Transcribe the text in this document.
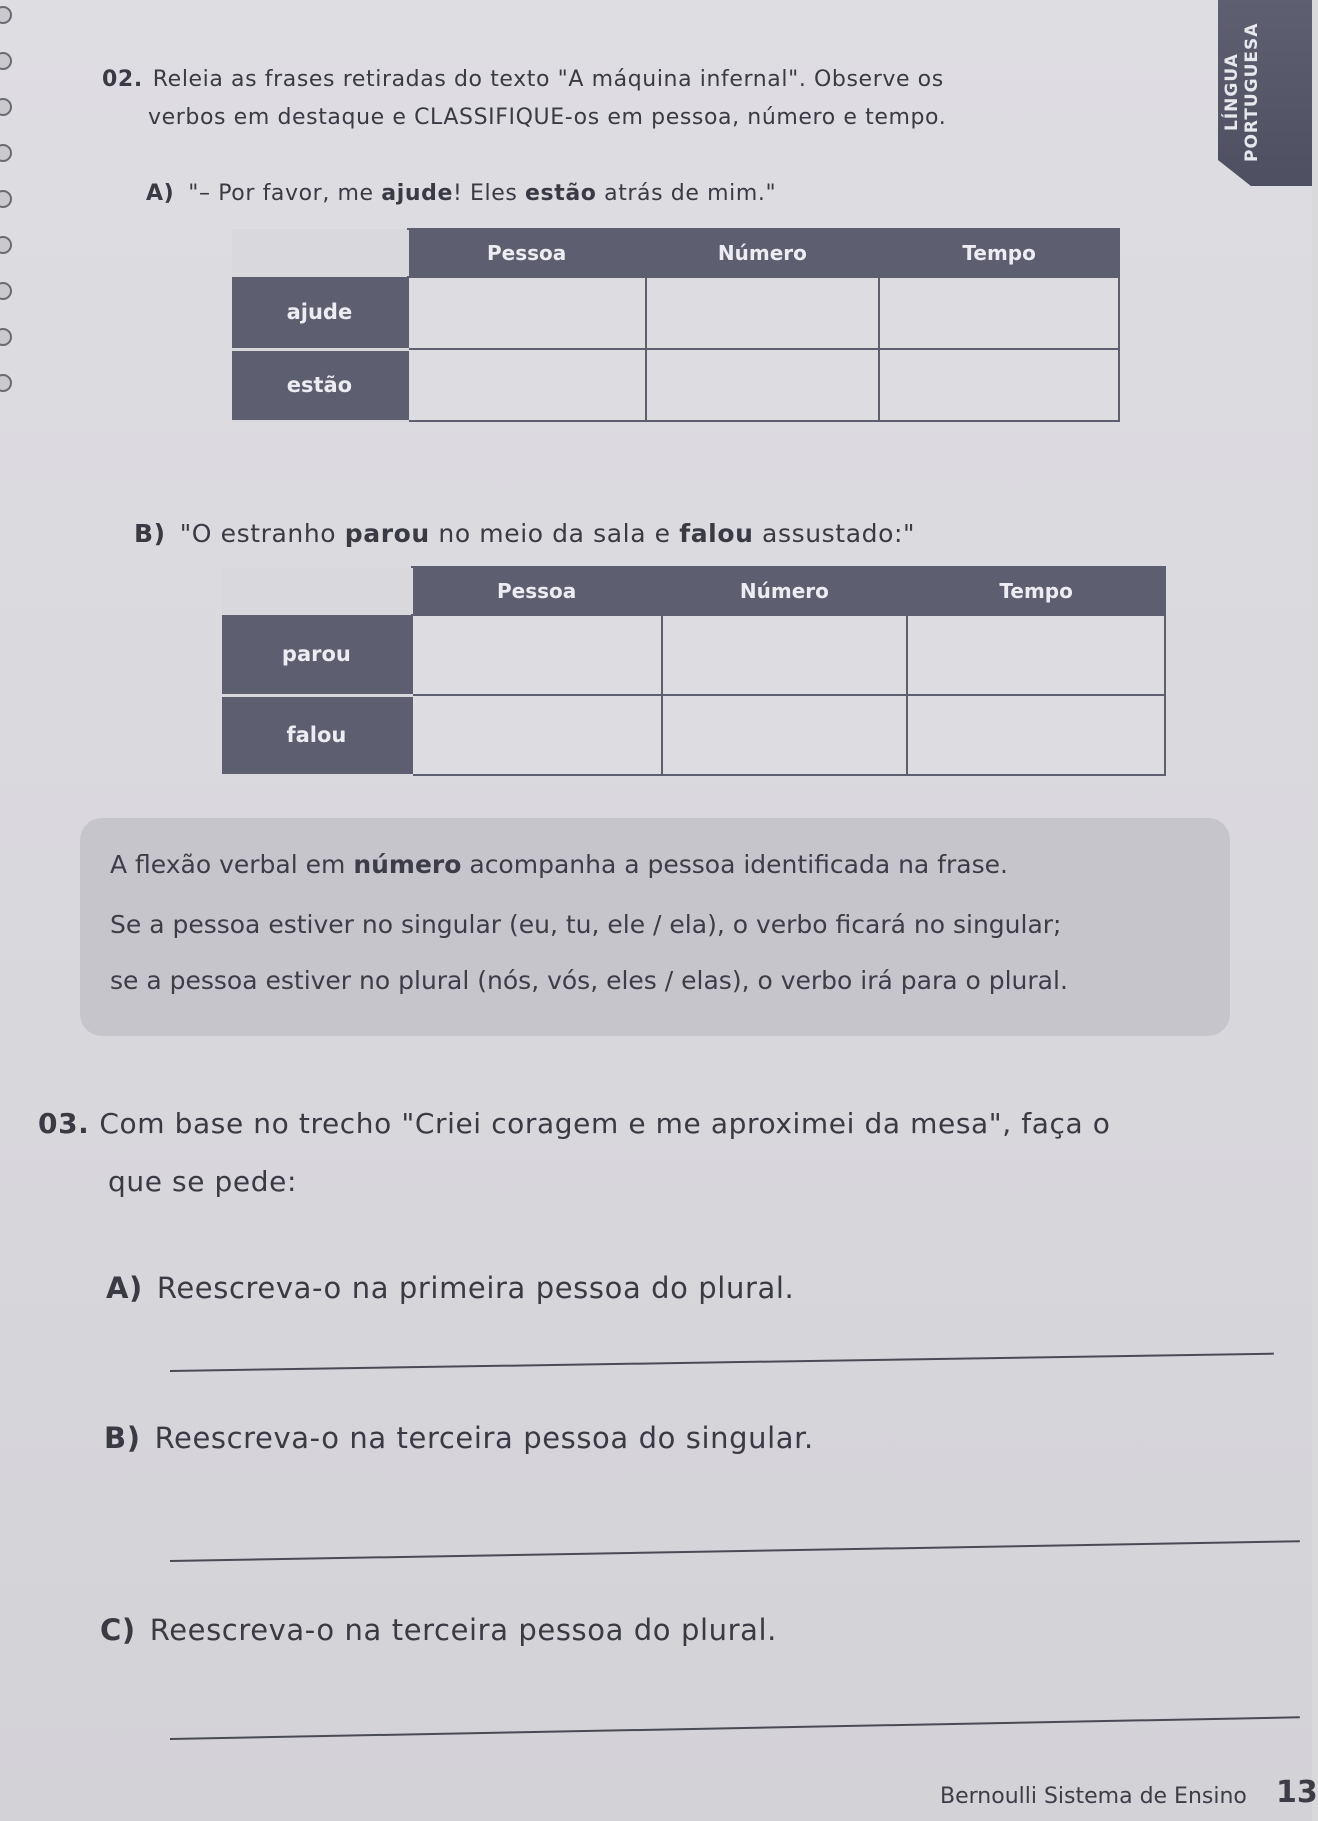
LÍNGUA PORTUGUESA
02. Releia as frases retiradas do texto "A máquina infernal". Observe os
verbos em destaque e CLASSIFIQUE-os em pessoa, número e tempo.
A) "– Por favor, me ajude! Eles estão atrás de mim."
	Pessoa	Número	Tempo
ajude			
estão			
B) "O estranho parou no meio da sala e falou assustado:"
	Pessoa	Número	Tempo
parou			
falou			
A flexão verbal em número acompanha a pessoa identificada na frase.
Se a pessoa estiver no singular (eu, tu, ele / ela), o verbo ficará no singular;
se a pessoa estiver no plural (nós, vós, eles / elas), o verbo irá para o plural.
03. Com base no trecho "Criei coragem e me aproximei da mesa", faça o
que se pede:
A) Reescreva-o na primeira pessoa do plural.
B) Reescreva-o na terceira pessoa do singular.
C) Reescreva-o na terceira pessoa do plural.
Bernoulli Sistema de Ensino 13
